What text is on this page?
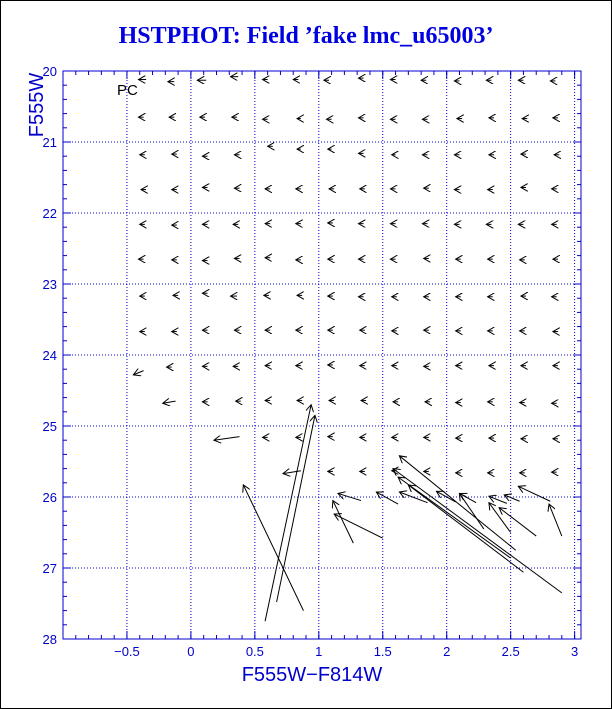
HSTPHOT: Field ’fake lmc_u65003’
−0.5	0	0.5	1	1.5	2	2.5	3
20
21
22
23
24
25
26
27
28
PC
F555W−F814W
F555W
